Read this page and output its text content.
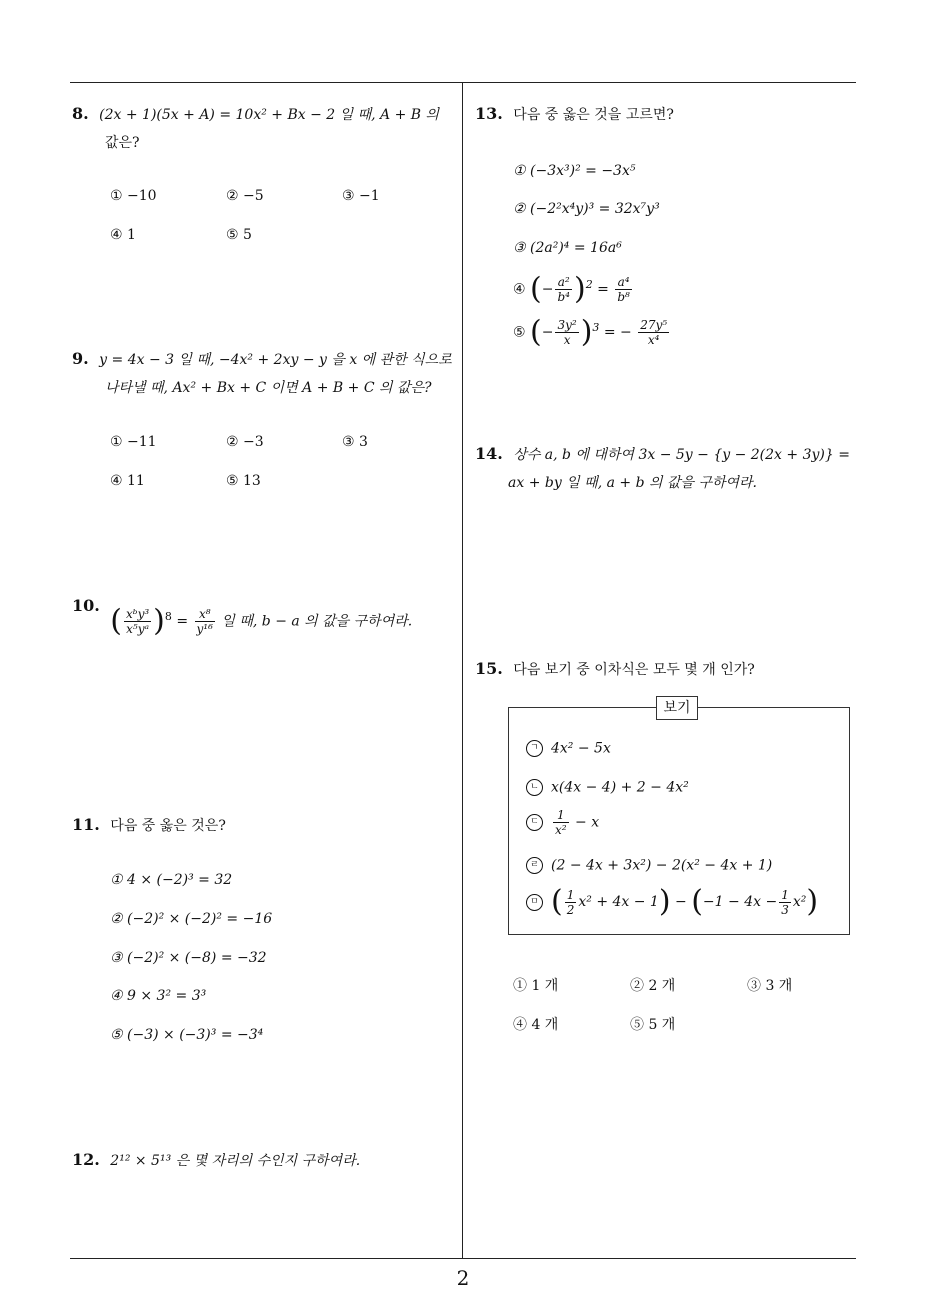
8. (2x + 1)(5x + A) = 10x² + Bx − 2 일 때, A + B 의
값은?
① −10	② −5	③ −1
④ 1	⑤ 5
9. y = 4x − 3 일 때, −4x² + 2xy − y 을 x 에 관한 식으로
나타낼 때, Ax² + Bx + C 이면 A + B + C 의 값은?
① −11	② −3	③ 3
④ 11	⑤ 13
10. ( $\frac{\text{xᵇy³}}{\text{x⁵yᵃ}} )^8 = \frac{\text{x⁸}}{\text{y¹⁶}}$ 일 때, b − a 의 값을 구하여라.
11. 다음 중 옳은 것은?
① 4 × (−2)³ = 32
② (−2)² × (−2)² = −16
③ (−2)² × (−8) = −32
④ 9 × 3² = 3³
⑤ (−3) × (−3)³ = −3⁴
12. 2¹² × 5¹³ 은 몇 자리의 수인지 구하여라.
13. 다음 중 옳은 것을 고르면?
① (−3x³)² = −3x⁵
② (−2²x⁴y)³ = 32x⁷y³
③ (2a²)⁴ = 16a⁶
④ (− $\frac{\text{a²}}{\text{b⁴}} )^2 = \frac{\text{a⁴}}{\text{b⁸}}$
⑤ (− $\frac{\text{3y²}}{x} )^3$ = − $\frac{\text{27y⁵}}{\text{x⁴}}$
14. 상수 a, b 에 대하여 3x − 5y − {y − 2(2x + 3y)} =
ax + by 일 때, a + b 의 값을 구하여라.
15. 다음 보기 중 이차식은 모두 몇 개 인가?
보기
ㄱ 4x² − 5x
ㄴ x(4x − 4) + 2 − 4x²
ㄷ $\frac{1}{\text{x²}} - x$
ㄹ (2 − 4x + 3x²) − 2(x² − 4x + 1)
ㅁ ( $\frac{1}{2} x^2 + 4x - 1) - (-1 - 4x - \frac{1}{3} x^2)$
① 1 개	② 2 개	③ 3 개
④ 4 개	⑤ 5 개
2
